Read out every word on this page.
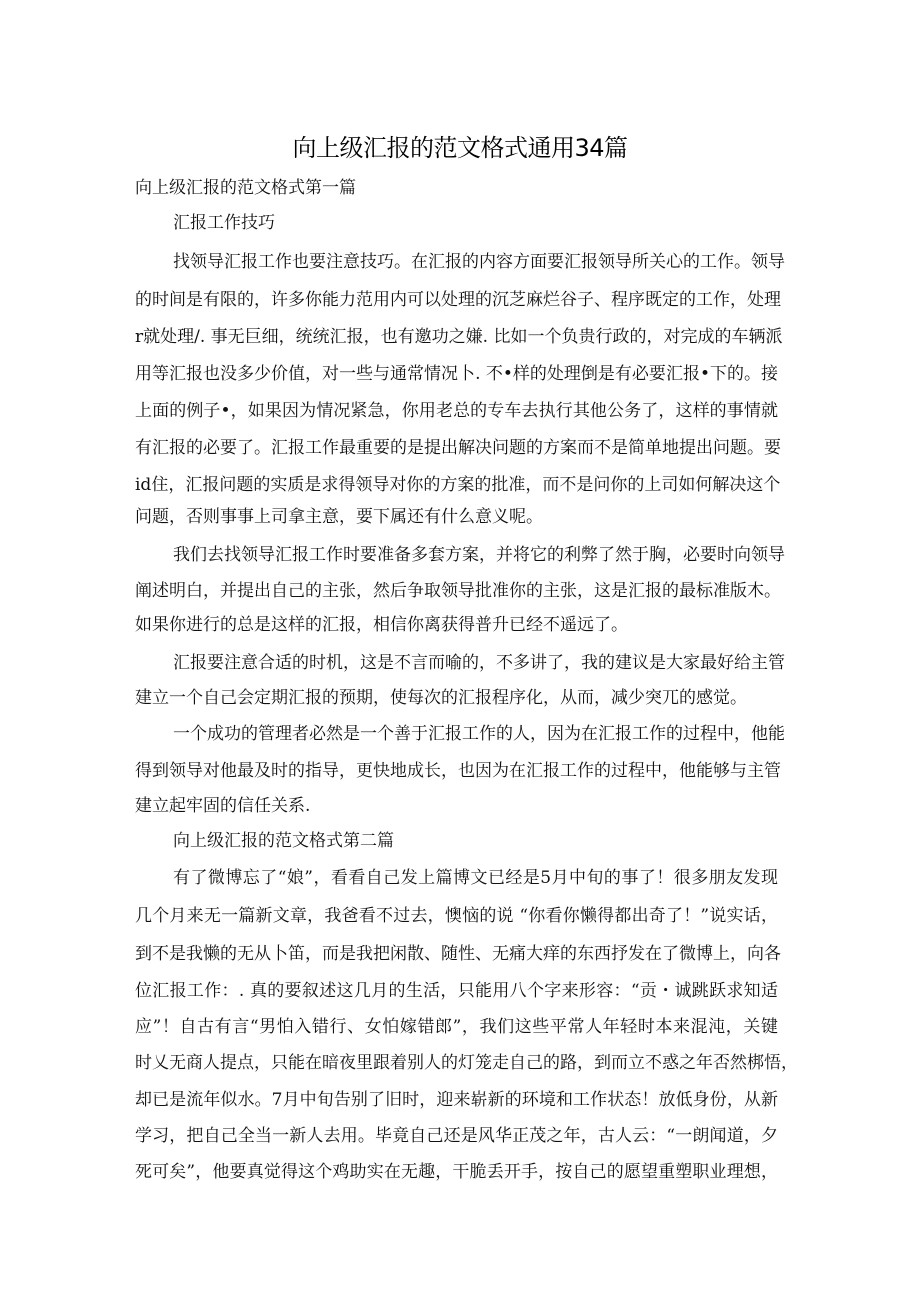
向上级汇报的范文格式通用34篇
向上级汇报的范文格式第一篇
汇报工作技巧
找领导汇报工作也要注意技巧。在汇报的内容方面要汇报领导所关心的工作。领导
的时间是有限的，许多你能力范用内可以处理的沉芝麻烂谷子、程序既定的工作，处理
r就处理/. 事无巨细，统统汇报，也有邀功之嫌. 比如一个负贵行政的，对完成的车辆派
用等汇报也没多少价值，对一些与通常情况卜. 不•样的处理倒是有必要汇报•下的。接
上面的例子•，如果因为情况紧急，你用老总的专车去执行其他公务了，这样的事情就
有汇报的必要了。汇报工作最重要的是提出解决问题的方案而不是简单地提出问题。要
id住，汇报问题的实质是求得领导对你的方案的批准，而不是问你的上司如何解决这个
问题，否则事事上司拿主意，要下属还有什么意义呢。
我们去找领导汇报工作时要准备多套方案，并将它的利弊了然于胸，必要时向领导
阐述明白，并提出自己的主张，然后争取领导批准你的主张，这是汇报的最标准版木。
如果你进行的总是这样的汇报，相信你离获得普升已经不遥远了。
汇报要注意合适的时机，这是不言而喻的，不多讲了，我的建议是大家最好给主管
建立一个自己会定期汇报的预期，使每次的汇报程序化，从而，减少突兀的感觉。
一个成功的管理者必然是一个善于汇报工作的人，因为在汇报工作的过程中，他能
得到领导对他最及时的指导，更快地成长，也因为在汇报工作的过程中，他能够与主管
建立起牢固的信任关系.
向上级汇报的范文格式第二篇
有了微博忘了“娘”，看看自己发上篇博文已经是5月中旬的事了！很多朋友发现
几个月来无一篇新文章，我爸看不过去，懊恼的说 “你看你懒得都出奇了！”说实话，
到不是我懒的无从卜笛，而是我把闲散、随性、无痛大痒的东西抒发在了微博上，向各
位汇报工作：. 真的要叙述这几月的生活，只能用八个字来形容：“贡・诚跳跃求知适
应”！自古有言“男怕入错行、女怕嫁错郎”，我们这些平常人年轻时本来混沌，关键
时乂无商人提点，只能在暗夜里跟着别人的灯笼走自己的路，到而立不惑之年否然梆悟，
却已是流年似水。7月中旬告别了旧时，迎来崭新的环境和工作状态！放低身份，从新
学习，把自己全当一新人去用。毕竟自己还是风华正茂之年，古人云：“一朗闻道，夕
死可矣”，他要真觉得这个鸡助实在无趣，干脆丢开手，按自己的愿望重塑职业理想，
